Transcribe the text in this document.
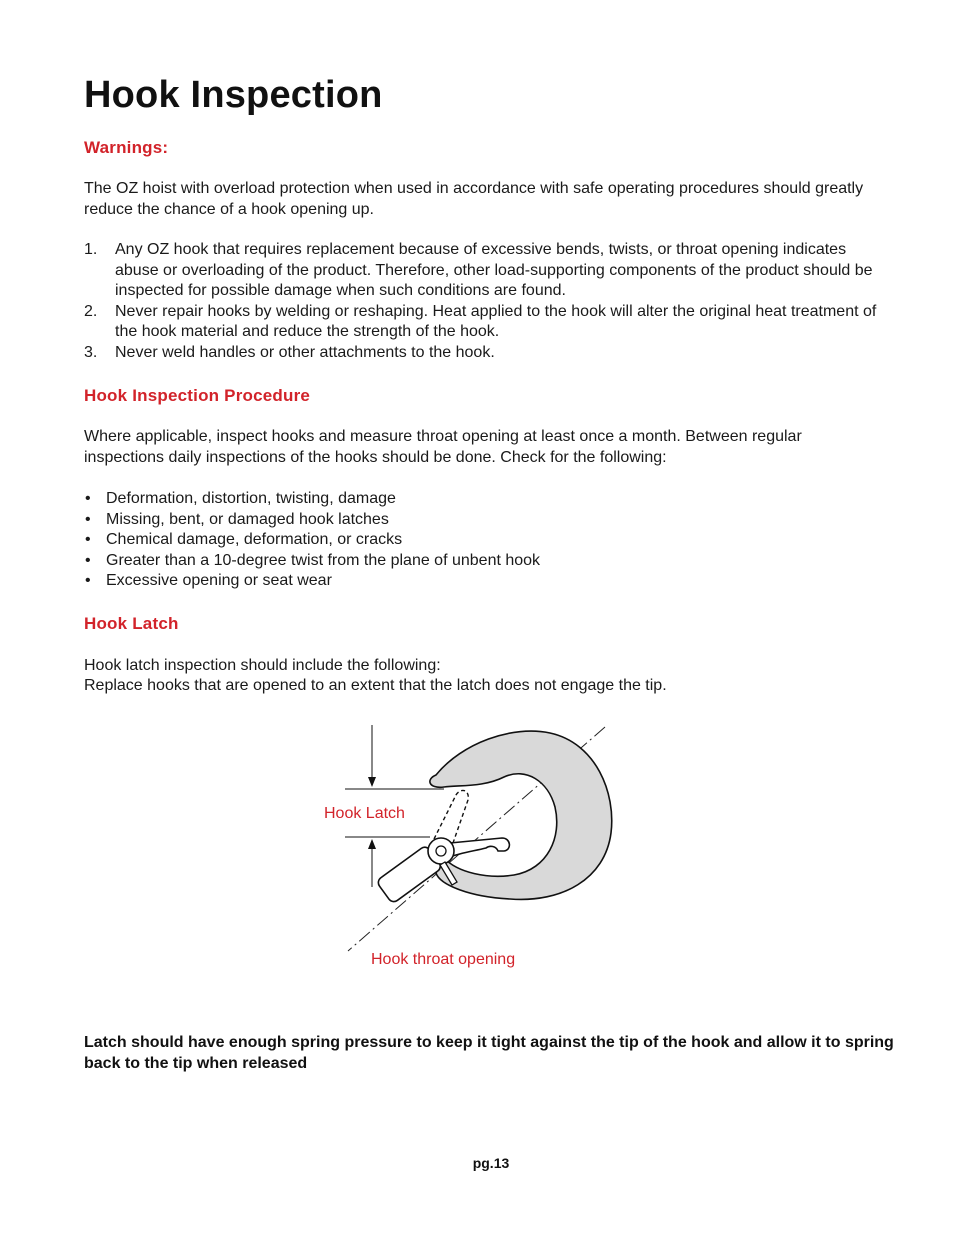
Hook Inspection
Warnings:

The OZ hoist with overload protection when used in accordance with safe operating procedures should greatly reduce the chance of a hook opening up.

1. Any OZ hook that requires replacement because of excessive bends, twists, or throat opening indicates abuse or overloading of the product. Therefore, other load-supporting components of the product should be inspected for possible damage when such conditions are found.
2. Never repair hooks by welding or reshaping. Heat applied to the hook will alter the original heat treatment of the hook material and reduce the strength of the hook.
3. Never weld handles or other attachments to the hook.
Hook Inspection Procedure

Where applicable, inspect hooks and measure throat opening at least once a month. Between regular inspections daily inspections of the hooks should be done. Check for the following:

• Deformation, distortion, twisting, damage
• Missing, bent, or damaged hook latches
• Chemical damage, deformation, or cracks
• Greater than a 10-degree twist from the plane of unbent hook
• Excessive opening or seat wear
Hook Latch

Hook latch inspection should include the following:

Replace hooks that are opened to an extent that the latch does not engage the tip.

Hook Latch
Hook throat opening

Latch should have enough spring pressure to keep it tight against the tip of the hook and allow it to spring back to the tip when released

pg.13
